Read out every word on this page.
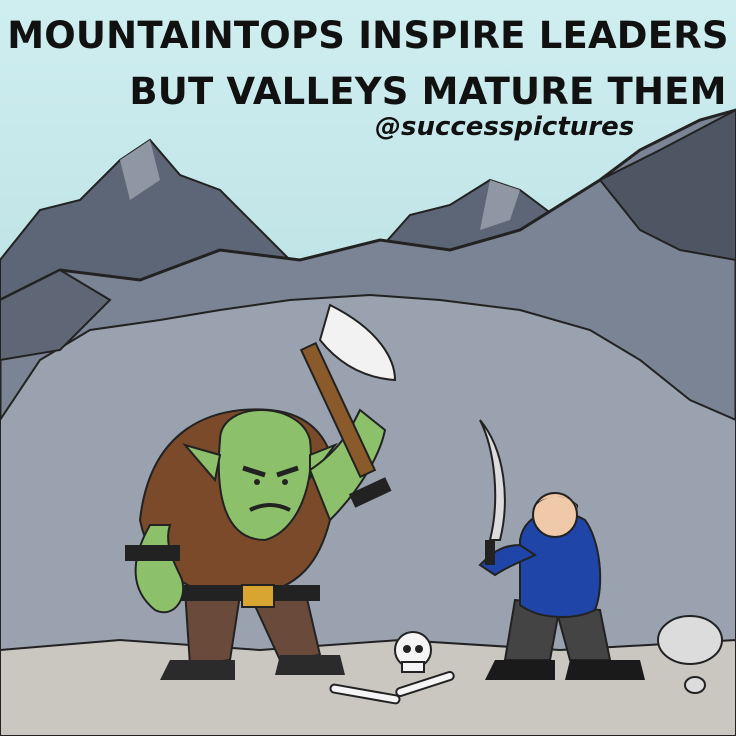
MOUNTAINTOPS INSPIRE LEADERS
BUT VALLEYS MATURE THEM
@successpictures
